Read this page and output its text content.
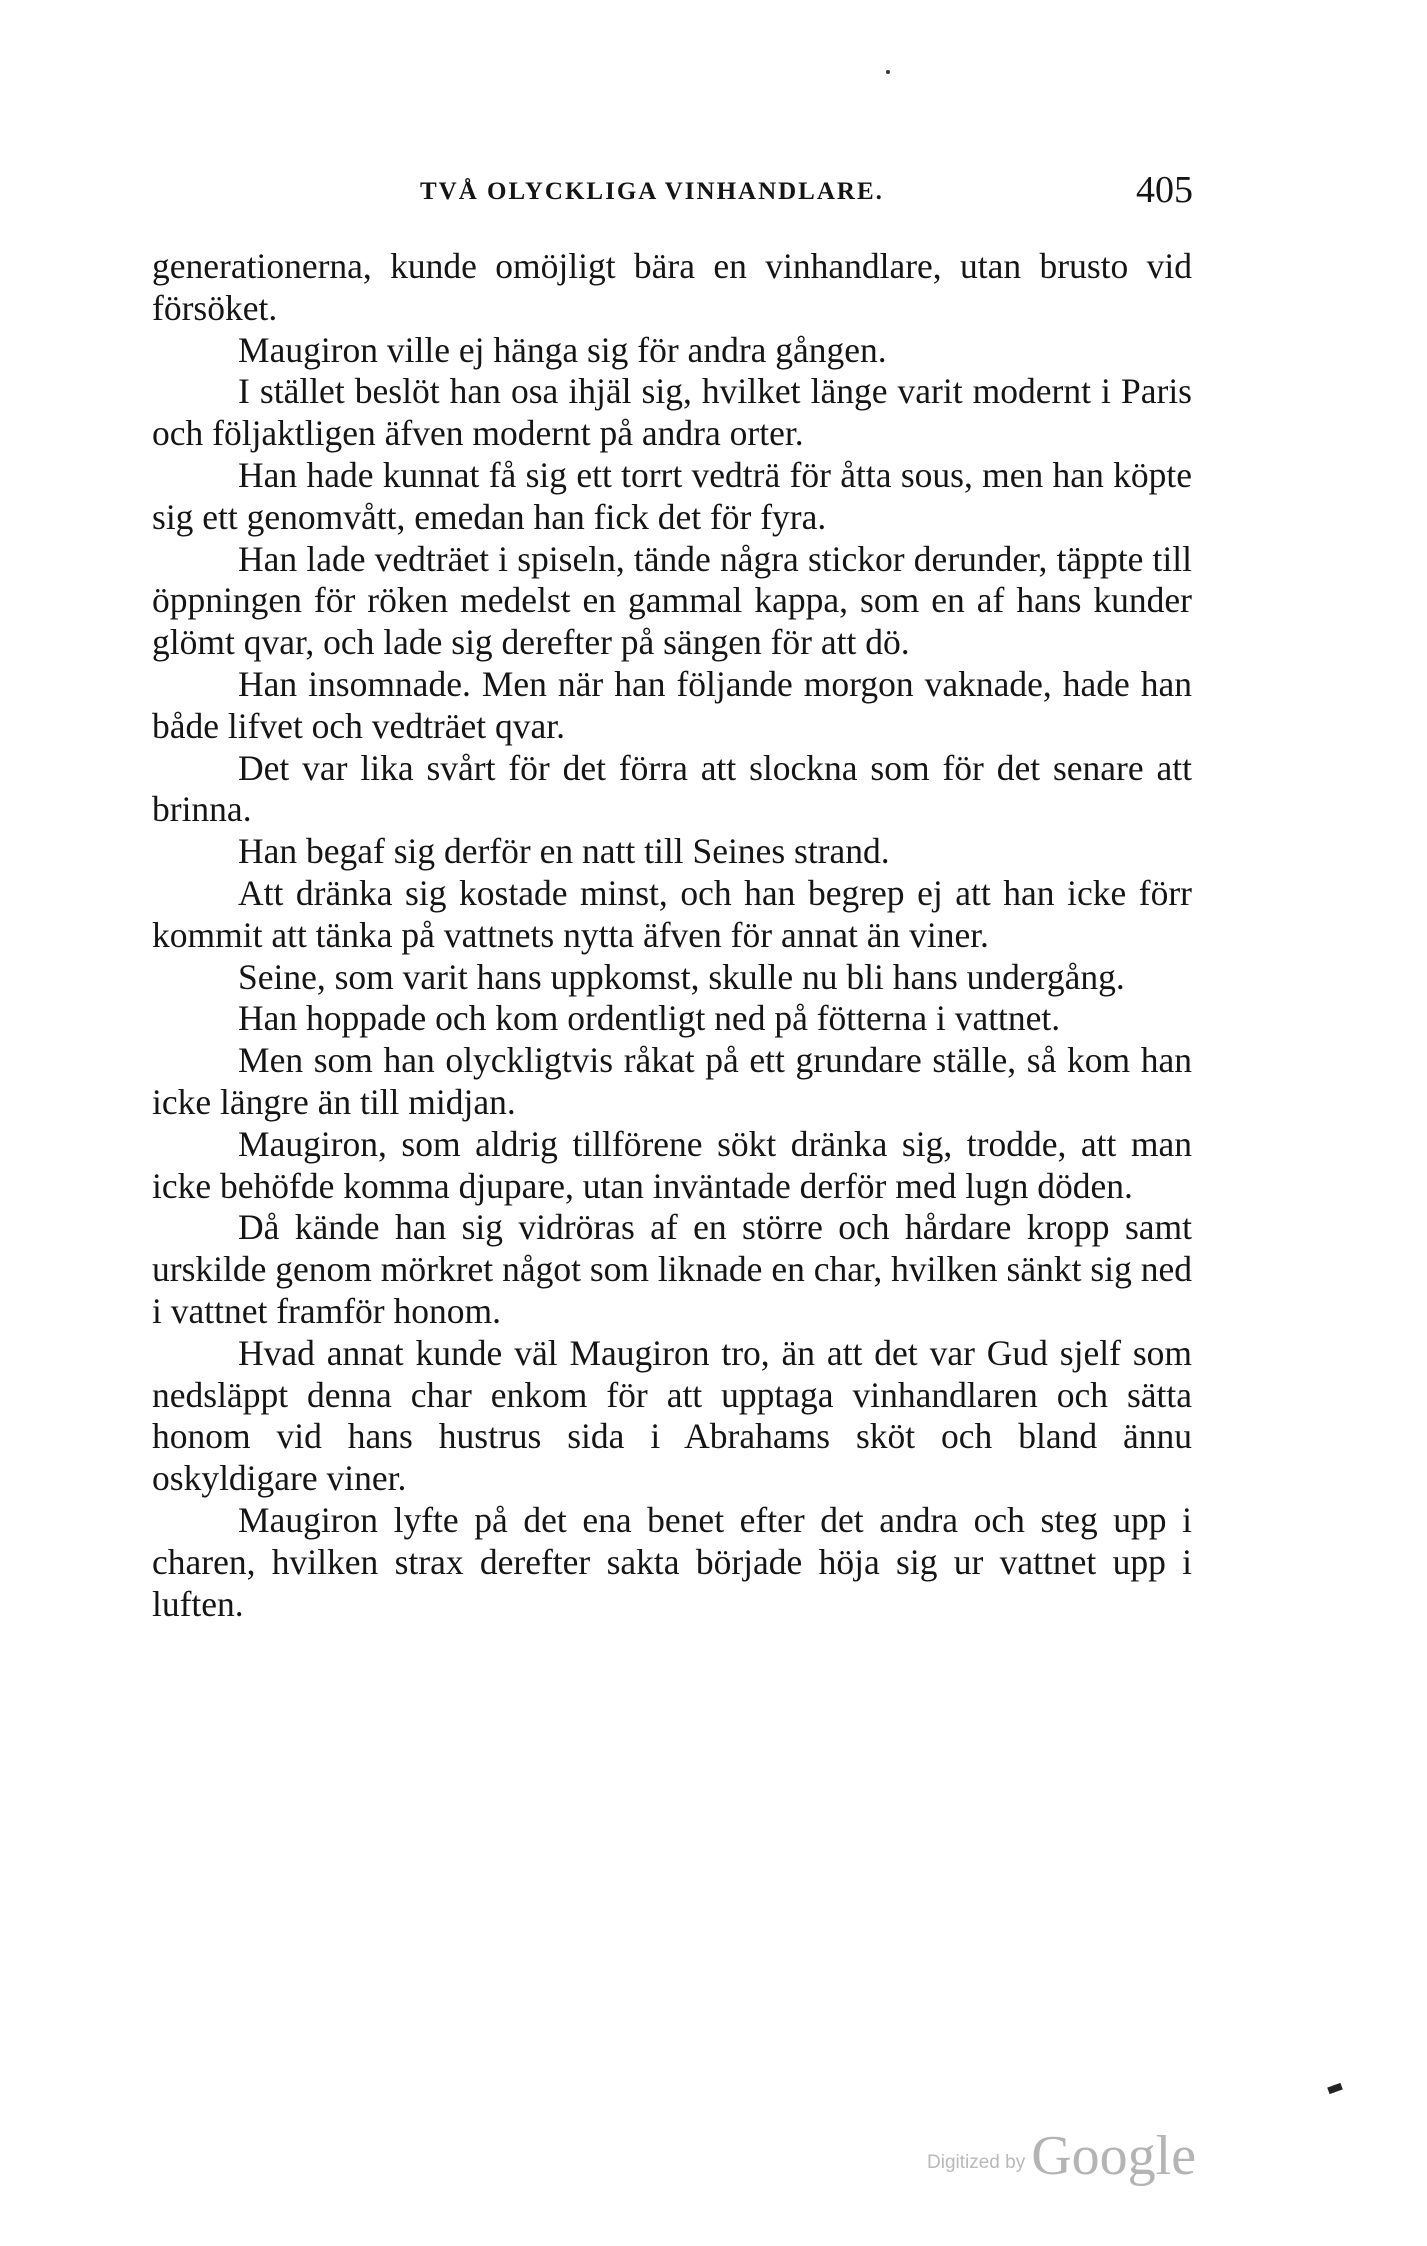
TVÅ OLYCKLIGA VINHANDLARE.	405

generationerna, kunde omöjligt bära en vinhandlare, utan brusto vid försöket.

Maugiron ville ej hänga sig för andra gången.

I stället beslöt han osa ihjäl sig, hvilket länge varit modernt i Paris och följaktligen äfven modernt på andra orter.

Han hade kunnat få sig ett torrt vedträ för åtta sous, men han köpte sig ett genomvått, emedan han fick det för fyra.

Han lade vedträet i spiseln, tände några stickor derunder, täppte till öppningen för röken medelst en gammal kappa, som en af hans kunder glömt qvar, och lade sig derefter på sängen för att dö.

Han insomnade. Men när han följande morgon vaknade, hade han både lifvet och vedträet qvar.

Det var lika svårt för det förra att slockna som för det senare att brinna.

Han begaf sig derför en natt till Seines strand.

Att dränka sig kostade minst, och han begrep ej att han icke förr kommit att tänka på vattnets nytta äfven för annat än viner.

Seine, som varit hans uppkomst, skulle nu bli hans undergång.

Han hoppade och kom ordentligt ned på fötterna i vattnet.

Men som han olyckligtvis råkat på ett grundare ställe, så kom han icke längre än till midjan.

Maugiron, som aldrig tillförene sökt dränka sig, trodde, att man icke behöfde komma djupare, utan inväntade derför med lugn döden.

Då kände han sig vidröras af en större och hårdare kropp samt urskilde genom mörkret något som liknade en char, hvilken sänkt sig ned i vattnet framför honom.

Hvad annat kunde väl Maugiron tro, än att det var Gud sjelf som nedsläppt denna char enkom för att upptaga vinhandlaren och sätta honom vid hans hustrus sida i Abrahams sköt och bland ännu oskyldigare viner.

Maugiron lyfte på det ena benet efter det andra och steg upp i charen, hvilken strax derefter sakta började höja sig ur vattnet upp i luften.

Digitized by Google
